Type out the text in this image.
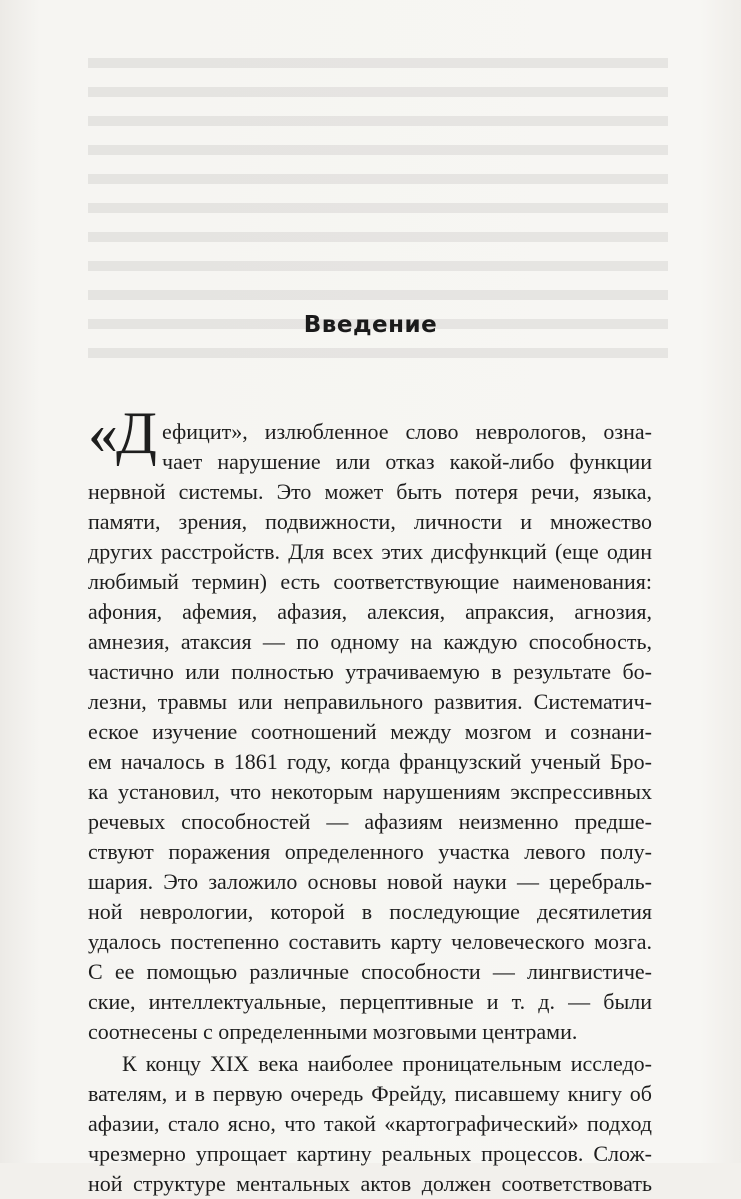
Введение
«Д ефицит», излюбленное слово неврологов, озна-
чает нарушение или отказ какой-либо функции
нервной системы. Это может быть потеря речи, языка,
памяти, зрения, подвижности, личности и множество
других расстройств. Для всех этих дисфункций (еще один
любимый термин) есть соответствующие наименования:
афония, афемия, афазия, алексия, апраксия, агнозия,
амнезия, атаксия — по одному на каждую способность,
частично или полностью утрачиваемую в результате бо-
лезни, травмы или неправильного развития. Систематич-
еское изучение соотношений между мозгом и сознани-
ем началось в 1861 году, когда французский ученый Бро-
ка установил, что некоторым нарушениям экспрессивных
речевых способностей — афазиям неизменно предше-
ствуют поражения определенного участка левого полу-
шария. Это заложило основы новой науки — церебраль-
ной неврологии, которой в последующие десятилетия
удалось постепенно составить карту человеческого мозга.
С ее помощью различные способности — лингвистиче-
ские, интеллектуальные, перцептивные и т. д. — были
соотнесены с определенными мозговыми центрами.
К концу XIX века наиболее проницательным исследо-
вателям, и в первую очередь Фрейду, писавшему книгу об
афазии, стало ясно, что такой «картографический» подход
чрезмерно упрощает картину реальных процессов. Слож-
ной структуре ментальных актов должен соответствовать
